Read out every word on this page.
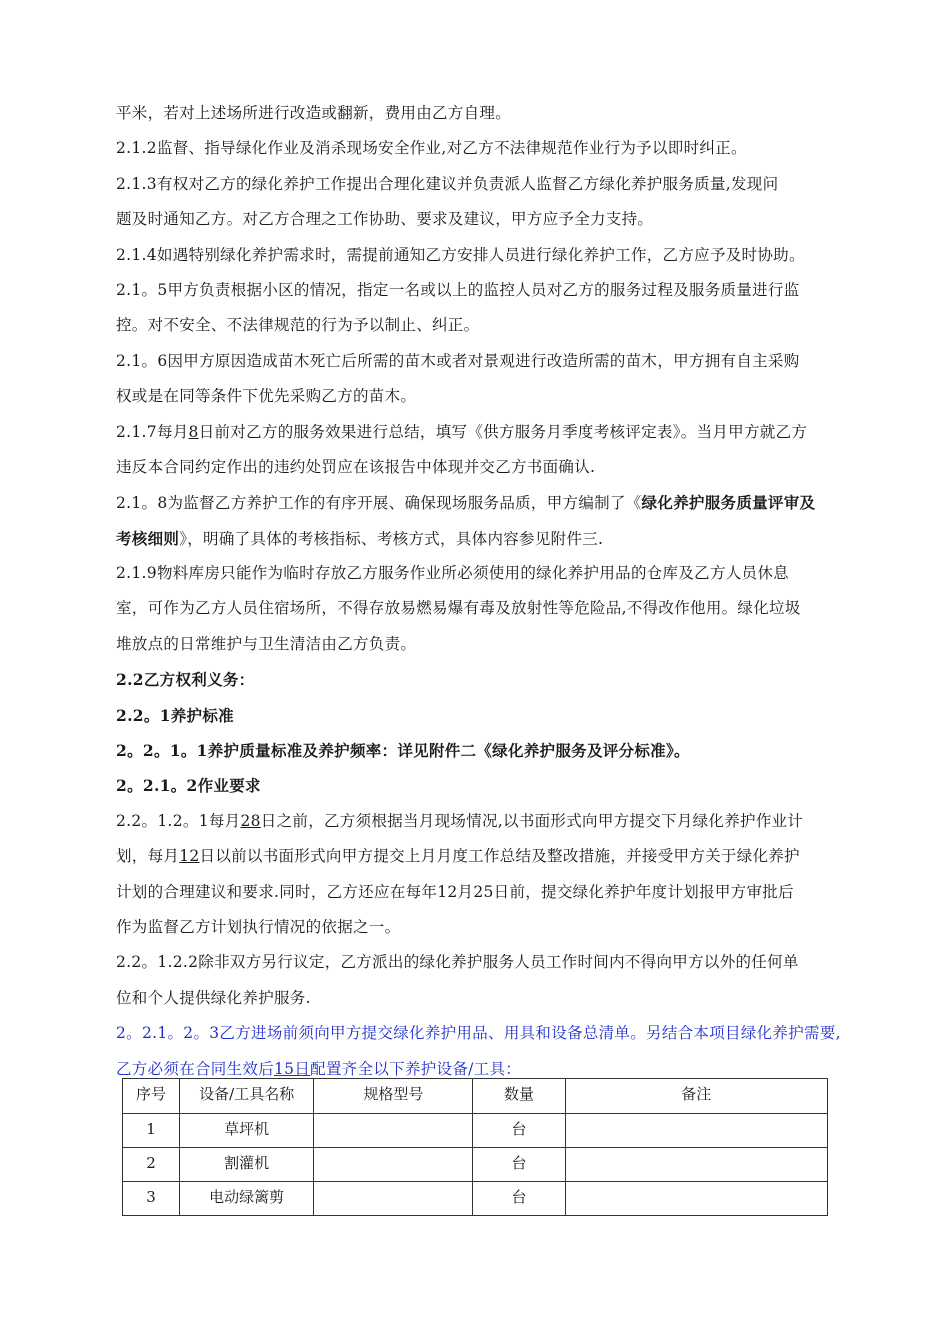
平米，若对上述场所进行改造或翻新，费用由乙方自理。
2.1.2监督、指导绿化作业及消杀现场安全作业,对乙方不法律规范作业行为予以即时纠正。
2.1.3有权对乙方的绿化养护工作提出合理化建议并负责派人监督乙方绿化养护服务质量,发现问
题及时通知乙方。对乙方合理之工作协助、要求及建议，甲方应予全力支持。
2.1.4如遇特别绿化养护需求时，需提前通知乙方安排人员进行绿化养护工作，乙方应予及时协助。
2.1。5甲方负责根据小区的情况，指定一名或以上的监控人员对乙方的服务过程及服务质量进行监
控。对不安全、不法律规范的行为予以制止、纠正。
2.1。6因甲方原因造成苗木死亡后所需的苗木或者对景观进行改造所需的苗木，甲方拥有自主采购
权或是在同等条件下优先采购乙方的苗木。
2.1.7每月8日前对乙方的服务效果进行总结，填写《供方服务月季度考核评定表》。当月甲方就乙方
违反本合同约定作出的违约处罚应在该报告中体现并交乙方书面确认.
2.1。8为监督乙方养护工作的有序开展、确保现场服务品质，甲方编制了《绿化养护服务质量评审及
考核细则》，明确了具体的考核指标、考核方式，具体内容参见附件三.
2.1.9物料库房只能作为临时存放乙方服务作业所必须使用的绿化养护用品的仓库及乙方人员休息
室，可作为乙方人员住宿场所，不得存放易燃易爆有毒及放射性等危险品,不得改作他用。绿化垃圾
堆放点的日常维护与卫生清洁由乙方负责。
2.2乙方权利义务：
2.2。1养护标准
2。2。1。1养护质量标准及养护频率：详见附件二《绿化养护服务及评分标准》。
2。2.1。2作业要求
2.2。1.2。1每月28日之前，乙方须根据当月现场情况,以书面形式向甲方提交下月绿化养护作业计
划，每月12日以前以书面形式向甲方提交上月月度工作总结及整改措施，并接受甲方关于绿化养护
计划的合理建议和要求.同时，乙方还应在每年12月25日前，提交绿化养护年度计划报甲方审批后
作为监督乙方计划执行情况的依据之一。
2.2。1.2.2除非双方另行议定，乙方派出的绿化养护服务人员工作时间内不得向甲方以外的任何单
位和个人提供绿化养护服务.
2。2.1。2。3乙方进场前须向甲方提交绿化养护用品、用具和设备总清单。另结合本项目绿化养护需要,
乙方必须在合同生效后15日配置齐全以下养护设备/工具：
序号	设备/工具名称	规格型号	数量	备注
1	草坪机		台	
2	割灌机		台	
3	电动绿篱剪		台	
